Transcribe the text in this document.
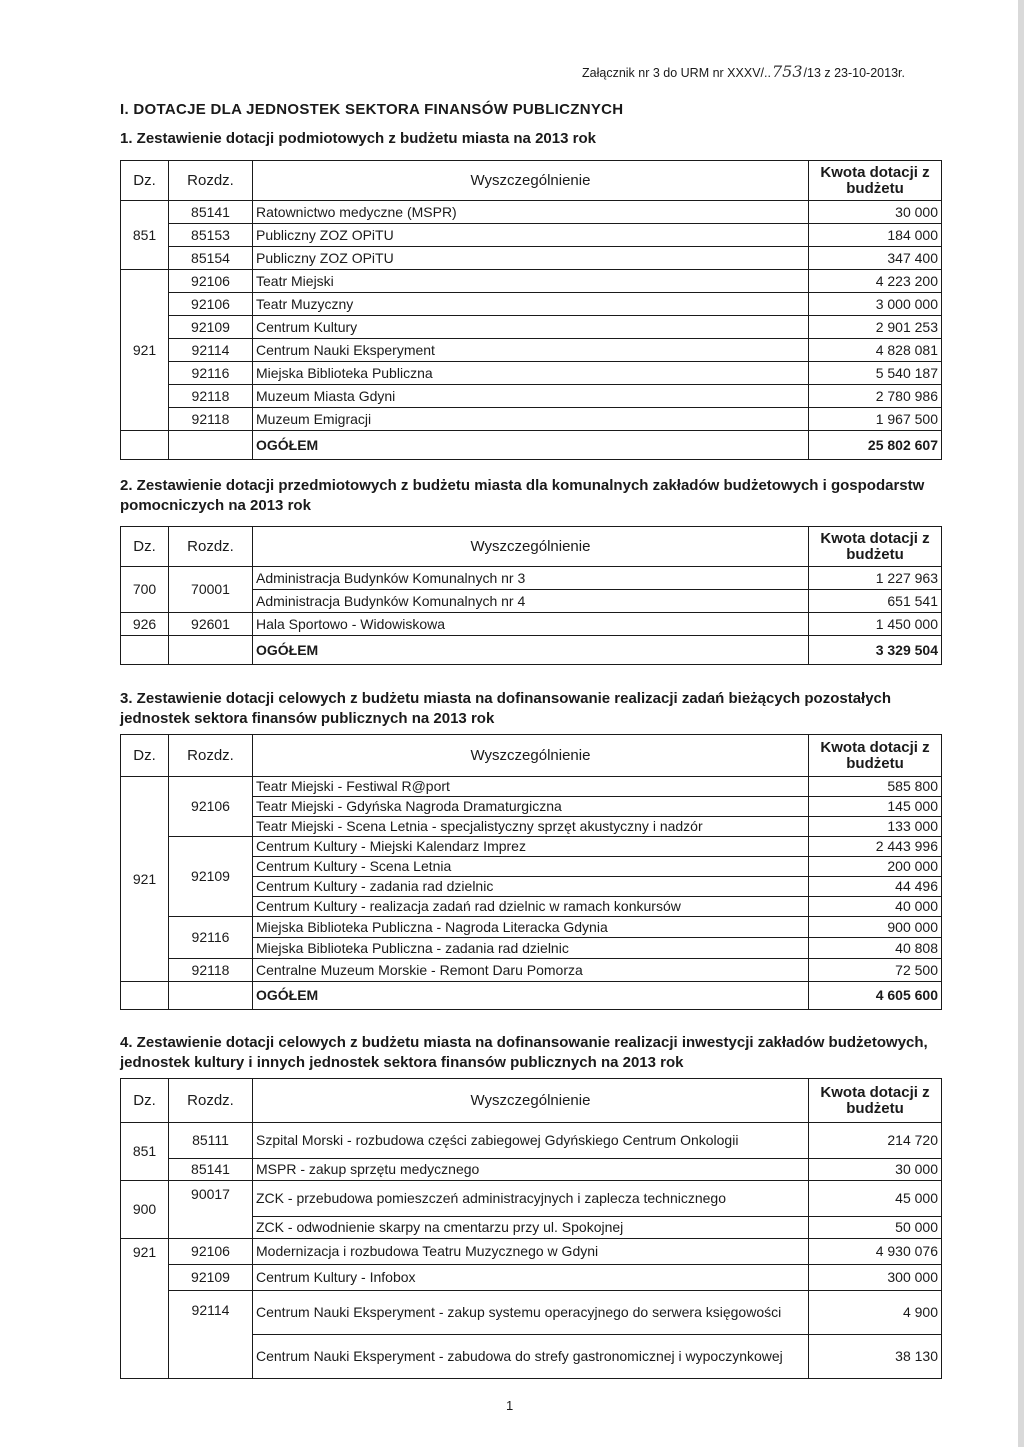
Załącznik nr 3 do URM nr XXXV/..753/13 z 23-10-2013r.
I. DOTACJE DLA JEDNOSTEK SEKTORA FINANSÓW PUBLICZNYCH
1. Zestawienie dotacji podmiotowych z budżetu miasta na 2013 rok
Dz.	Rozdz.	Wyszczególnienie	Kwota dotacji z
budżetu
851	85141	Ratownictwo medyczne (MSPR)	30 000
	85153	Publiczny ZOZ OPiTU	184 000
	85154	Publiczny ZOZ OPiTU	347 400
921	92106	Teatr Miejski	4 223 200
	92106	Teatr Muzyczny	3 000 000
	92109	Centrum Kultury	2 901 253
	92114	Centrum Nauki Eksperyment	4 828 081
	92116	Miejska Biblioteka Publiczna	5 540 187
	92118	Muzeum Miasta Gdyni	2 780 986
	92118	Muzeum Emigracji	1 967 500
		OGÓŁEM	25 802 607
2. Zestawienie dotacji przedmiotowych z budżetu miasta dla komunalnych zakładów budżetowych i gospodarstw pomocniczych na 2013 rok
Dz.	Rozdz.	Wyszczególnienie	Kwota dotacji z
budżetu
700	70001	Administracja Budynków Komunalnych nr 3	1 227 963
		Administracja Budynków Komunalnych nr 4	651 541
926	92601	Hala Sportowo - Widowiskowa	1 450 000
		OGÓŁEM	3 329 504
3. Zestawienie dotacji celowych z budżetu miasta na dofinansowanie realizacji zadań bieżących pozostałych jednostek sektora finansów publicznych na 2013 rok
Dz.	Rozdz.	Wyszczególnienie	Kwota dotacji z
budżetu
921	92106	Teatr Miejski - Festiwal R@port	585 800
		Teatr Miejski - Gdyńska Nagroda Dramaturgiczna	145 000
		Teatr Miejski - Scena Letnia - specjalistyczny sprzęt akustyczny i nadzór	133 000
	92109	Centrum Kultury - Miejski Kalendarz Imprez	2 443 996
		Centrum Kultury - Scena Letnia	200 000
		Centrum Kultury - zadania rad dzielnic	44 496
		Centrum Kultury - realizacja zadań rad dzielnic w ramach konkursów	40 000
	92116	Miejska Biblioteka Publiczna - Nagroda Literacka Gdynia	900 000
		Miejska Biblioteka Publiczna - zadania rad dzielnic	40 808
	92118	Centralne Muzeum Morskie - Remont Daru Pomorza	72 500
		OGÓŁEM	4 605 600
4. Zestawienie dotacji celowych z budżetu miasta na dofinansowanie realizacji inwestycji zakładów budżetowych, jednostek kultury i innych jednostek sektora finansów publicznych na 2013 rok
Dz.	Rozdz.	Wyszczególnienie	Kwota dotacji z
budżetu
851	85111	Szpital Morski - rozbudowa części zabiegowej Gdyńskiego Centrum Onkologii	214 720
	85141	MSPR - zakup sprzętu medycznego	30 000
900	90017	ZCK - przebudowa pomieszczeń administracyjnych i zaplecza technicznego	45 000
		ZCK - odwodnienie skarpy na cmentarzu przy ul. Spokojnej	50 000
921	92106	Modernizacja i rozbudowa Teatru Muzycznego w Gdyni	4 930 076
	92109	Centrum Kultury - Infobox	300 000
	92114	Centrum Nauki Eksperyment - zakup systemu operacyjnego do serwera księgowości	4 900
		Centrum Nauki Eksperyment - zabudowa do strefy gastronomicznej i wypoczynkowej	38 130
1
